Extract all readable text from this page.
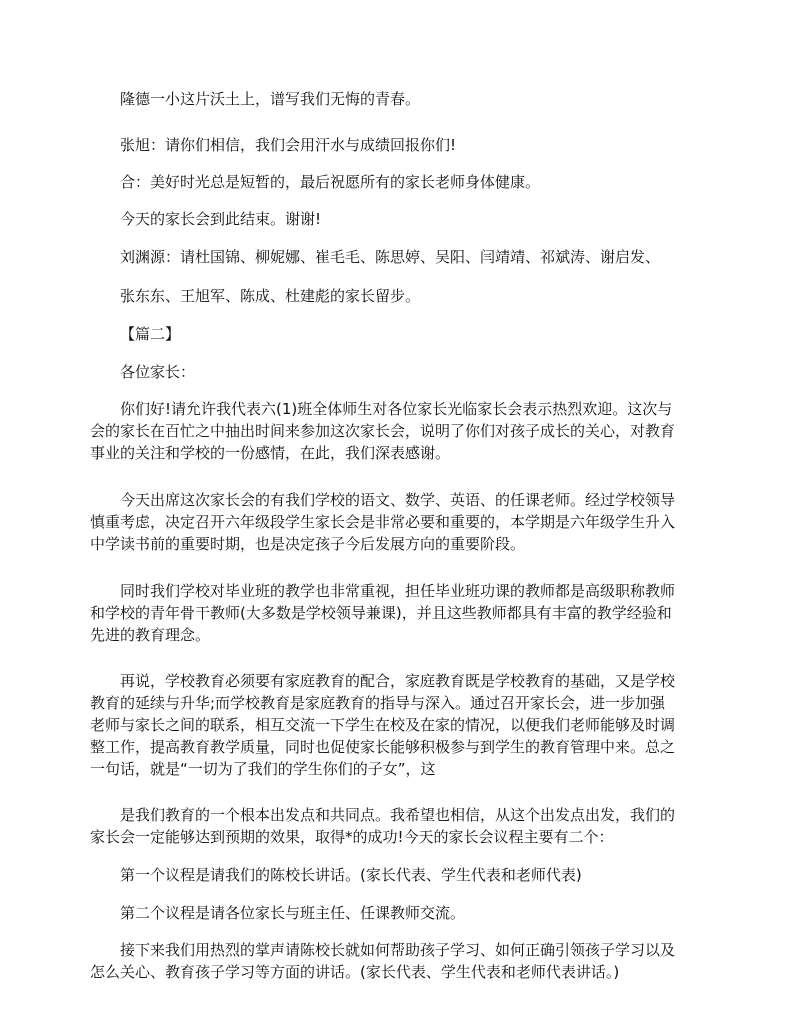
隆德一小这片沃土上，谱写我们无悔的青春。
张旭：请你们相信，我们会用汗水与成绩回报你们!
合：美好时光总是短暂的，最后祝愿所有的家长老师身体健康。
今天的家长会到此结束。谢谢!
刘渊源：请杜国锦、柳妮娜、崔毛毛、陈思婷、吴阳、闫靖靖、祁斌涛、谢启发、
张东东、王旭军、陈成、杜建彪的家长留步。
【篇二】
各位家长：
你们好!请允许我代表六(1)班全体师生对各位家长光临家长会表示热烈欢迎。这次与
会的家长在百忙之中抽出时间来参加这次家长会，说明了你们对孩子成长的关心，对教育
事业的关注和学校的一份感情，在此，我们深表感谢。
今天出席这次家长会的有我们学校的语文、数学、英语、的任课老师。经过学校领导
慎重考虑，决定召开六年级段学生家长会是非常必要和重要的，本学期是六年级学生升入
中学读书前的重要时期，也是决定孩子今后发展方向的重要阶段。
同时我们学校对毕业班的教学也非常重视，担任毕业班功课的教师都是高级职称教师
和学校的青年骨干教师(大多数是学校领导兼课)，并且这些教师都具有丰富的教学经验和
先进的教育理念。
再说，学校教育必须要有家庭教育的配合，家庭教育既是学校教育的基础，又是学校
教育的延续与升华;而学校教育是家庭教育的指导与深入。通过召开家长会，进一步加强
老师与家长之间的联系，相互交流一下学生在校及在家的情况，以便我们老师能够及时调
整工作，提高教育教学质量，同时也促使家长能够积极参与到学生的教育管理中来。总之
一句话，就是“一切为了我们的学生你们的子女”，这
是我们教育的一个根本出发点和共同点。我希望也相信，从这个出发点出发，我们的
家长会一定能够达到预期的效果，取得*的成功!今天的家长会议程主要有二个：
第一个议程是请我们的陈校长讲话。(家长代表、学生代表和老师代表)
第二个议程是请各位家长与班主任、任课教师交流。
接下来我们用热烈的掌声请陈校长就如何帮助孩子学习、如何正确引领孩子学习以及
怎么关心、教育孩子学习等方面的讲话。(家长代表、学生代表和老师代表讲话。)
